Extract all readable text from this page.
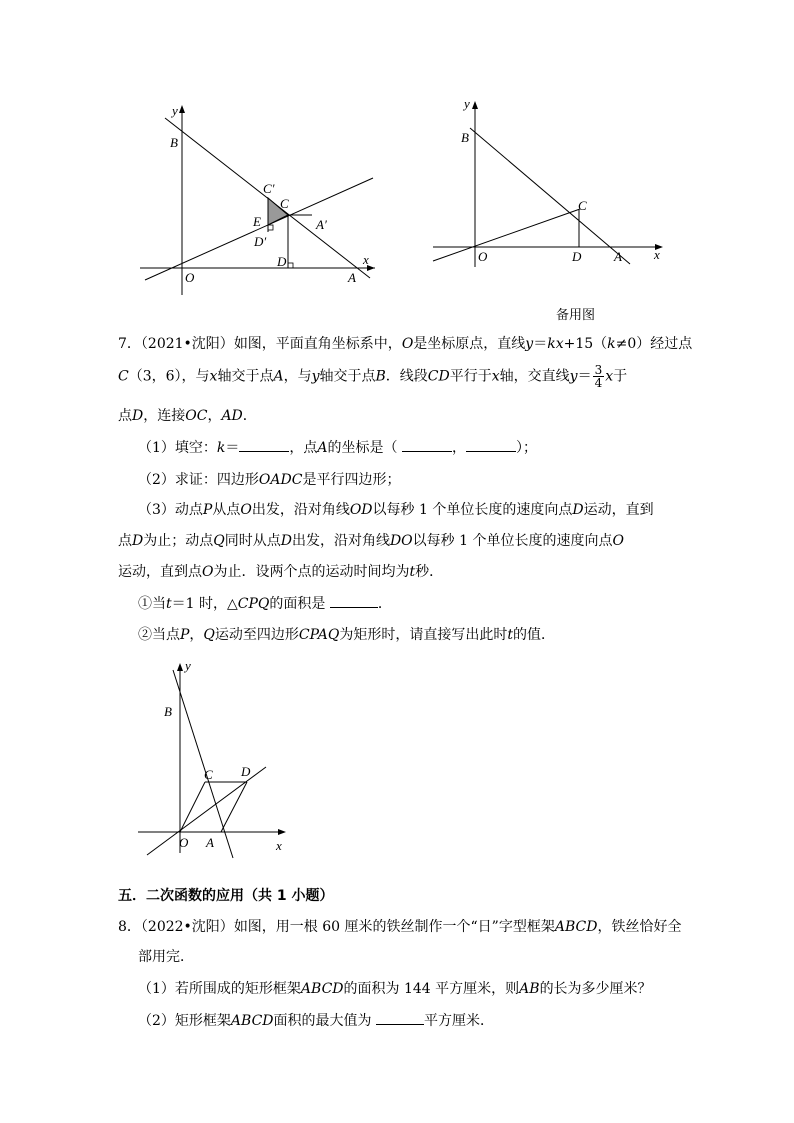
y
B
C′
C
E
D′
A′
O
D
A
x
y
B
C
O	D	A x
备用图
7．（2021•沈阳）如图，平面直角坐标系中，O是坐标原点，直线y＝kx+15（k≠0）经过点
C（3，6），与x轴交于点A，与y轴交于点B．线段CD平行于x轴，交直线$y= \frac{3}{4}$ x于
点D，连接OC，AD．
（1）填空：k＝	，点A的坐标是（	，	）；
（2）求证：四边形OADC是平行四边形；
（3）动点P从点O出发，沿对角线OD以每秒 1 个单位长度的速度向点D运动，直到
点D为止；动点Q同时从点D出发，沿对角线DO以每秒 1 个单位长度的速度向点O
运动，直到点O为止．设两个点的运动时间均为t秒．
①当t＝1 时，△CPQ的面积是	．
②当点P，Q运动至四边形CPAQ为矩形时，请直接写出此时t的值．
y
B
C D
O A	x
五．二次函数的应用（共 1 小题）
8．（2022•沈阳）如图，用一根 60 厘米的铁丝制作一个“日”字型框架ABCD，铁丝恰好全
部用完．
（1）若所围成的矩形框架ABCD的面积为 144 平方厘米，则AB的长为多少厘米？
（2）矩形框架ABCD面积的最大值为	平方厘米．
